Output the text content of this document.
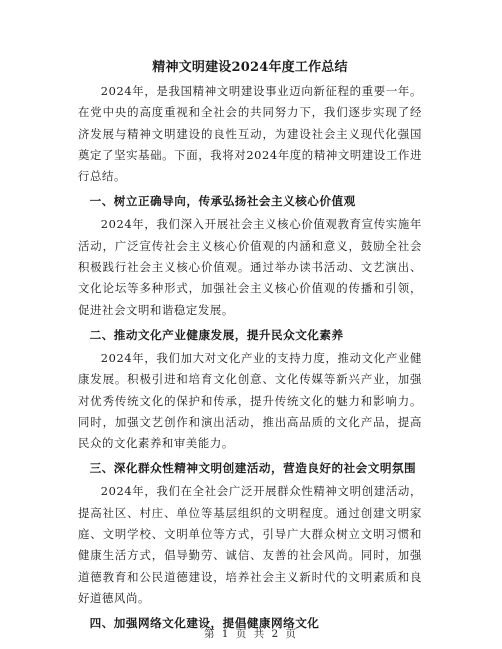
精神文明建设2024年度工作总结

2024年，是我国精神文明建设事业迈向新征程的重要一年。在党中央的高度重视和全社会的共同努力下，我们逐步实现了经济发展与精神文明建设的良性互动，为建设社会主义现代化强国奠定了坚实基础。下面，我将对2024年度的精神文明建设工作进行总结。

一、树立正确导向，传承弘扬社会主义核心价值观

2024年，我们深入开展社会主义核心价值观教育宣传实施年活动，广泛宣传社会主义核心价值观的内涵和意义，鼓励全社会积极践行社会主义核心价值观。通过举办读书活动、文艺演出、文化论坛等多种形式，加强社会主义核心价值观的传播和引领，促进社会文明和谐稳定发展。

二、推动文化产业健康发展，提升民众文化素养

2024年，我们加大对文化产业的支持力度，推动文化产业健康发展。积极引进和培育文化创意、文化传媒等新兴产业，加强对优秀传统文化的保护和传承，提升传统文化的魅力和影响力。同时，加强文艺创作和演出活动，推出高品质的文化产品，提高民众的文化素养和审美能力。

三、深化群众性精神文明创建活动，营造良好的社会文明氛围

2024年，我们在全社会广泛开展群众性精神文明创建活动，提高社区、村庄、单位等基层组织的文明程度。通过创建文明家庭、文明学校、文明单位等方式，引导广大群众树立文明习惯和健康生活方式，倡导勤劳、诚信、友善的社会风尚。同时，加强道德教育和公民道德建设，培养社会主义新时代的文明素质和良好道德风尚。

四、加强网络文化建设，提倡健康网络文化
第 1 页 共 2 页
